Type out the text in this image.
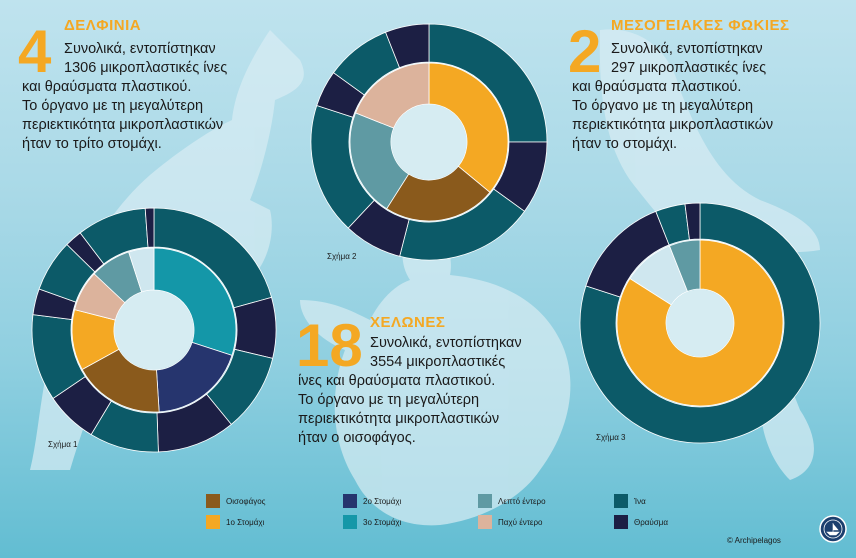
4 ΔΕΛΦΙΝΙΑ
Συνολικά, εντοπίστηκαν
1306 μικροπλαστικές ίνες
και θραύσματα πλαστικού.
Το όργανο με τη μεγαλύτερη
περιεκτικότητα μικροπλαστικών
ήταν το τρίτο στομάχι.
2 ΜΕΣΟΓΕΙΑΚΕΣ ΦΩΚΙΕΣ
Συνολικά, εντοπίστηκαν
297 μικροπλαστικές ίνες
και θραύσματα πλαστικού.
Το όργανο με τη μεγαλύτερη
περιεκτικότητα μικροπλαστικών
ήταν το στομάχι.
18 ΧΕΛΩΝΕΣ
Συνολικά, εντοπίστηκαν
3554 μικροπλαστικές
ίνες και θραύσματα πλαστικού.
Το όργανο με τη μεγαλύτερη
περιεκτικότητα μικροπλαστικών
ήταν ο οισοφάγος.
Σχήμα 1
Σχήμα 2
Σχήμα 3
Οισοφάγος
1ο Στομάχι
2ο Στομάχι
3ο Στομάχι
Λεπτό έντερο
Παχύ έντερο
Ίνα
Θραύσμα
© Archipelagos
